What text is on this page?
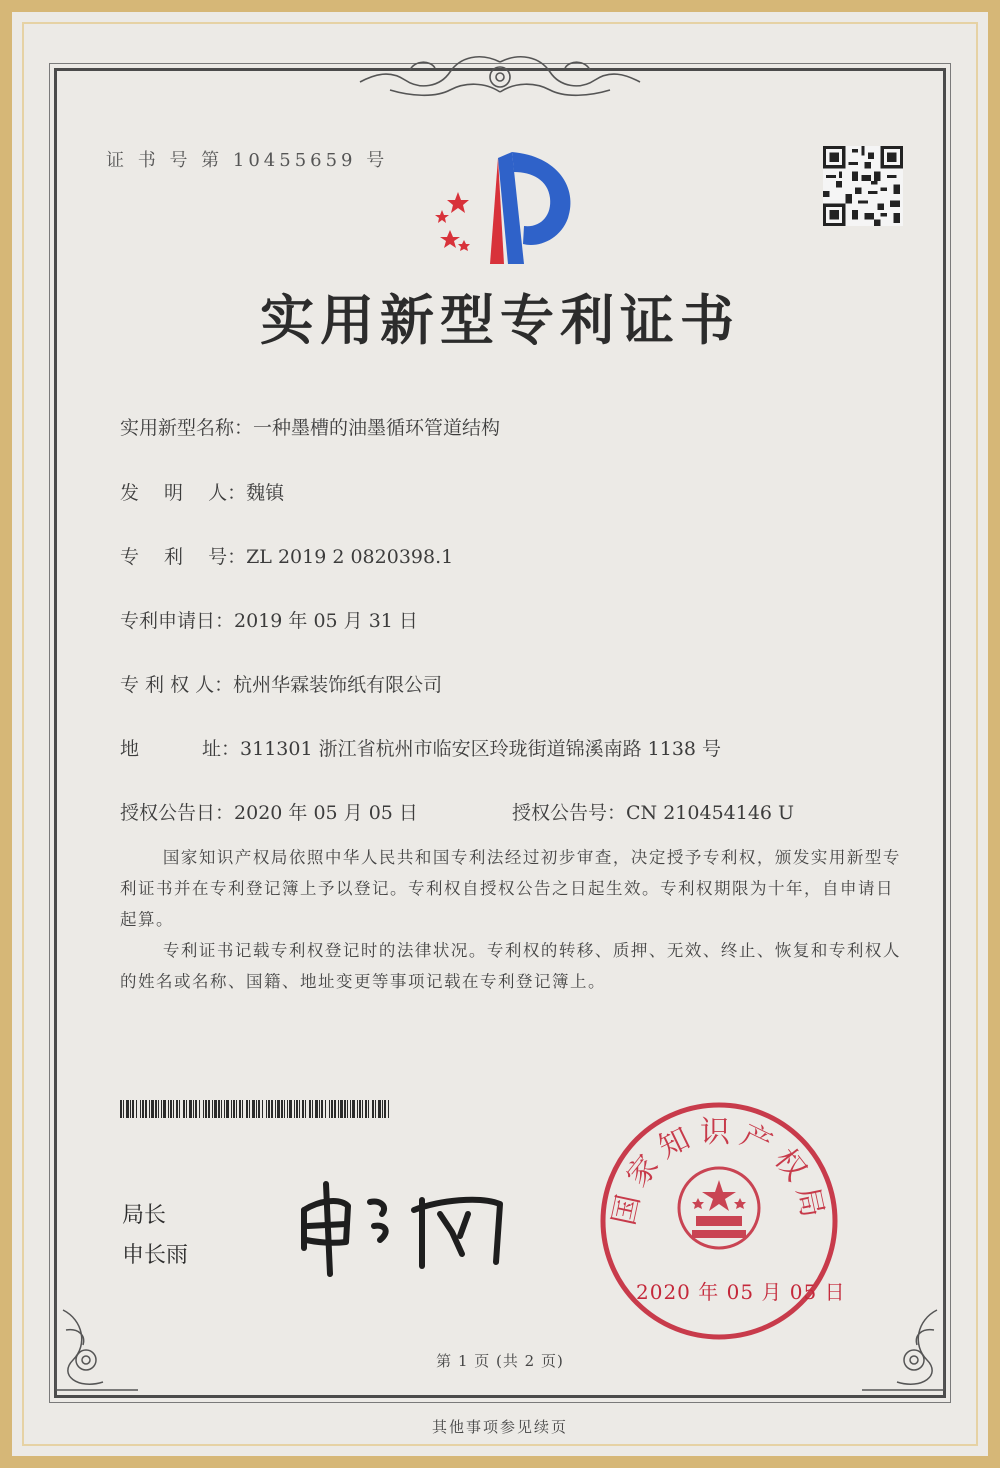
证 书 号 第 10455659 号
实用新型专利证书
实用新型名称：一种墨槽的油墨循环管道结构
发　 明　 人：魏镇
专　 利　 号：ZL 2019 2 0820398.1
专利申请日：2019 年 05 月 31 日
专 利 权 人：杭州华霖装饰纸有限公司
地　　　 址：311301 浙江省杭州市临安区玲珑街道锦溪南路 1138 号
授权公告日：2020 年 05 月 05 日	授权公告号：CN 210454146 U
国家知识产权局依照中华人民共和国专利法经过初步审查，决定授予专利权，颁发实用新型专利证书并在专利登记簿上予以登记。专利权自授权公告之日起生效。专利权期限为十年，自申请日起算。
专利证书记载专利权登记时的法律状况。专利权的转移、质押、无效、终止、恢复和专利权人的姓名或名称、国籍、地址变更等事项记载在专利登记簿上。
局长
申长雨
国家知识产权局
2020 年 05 月 05 日
第 1 页 (共 2 页)
其他事项参见续页
